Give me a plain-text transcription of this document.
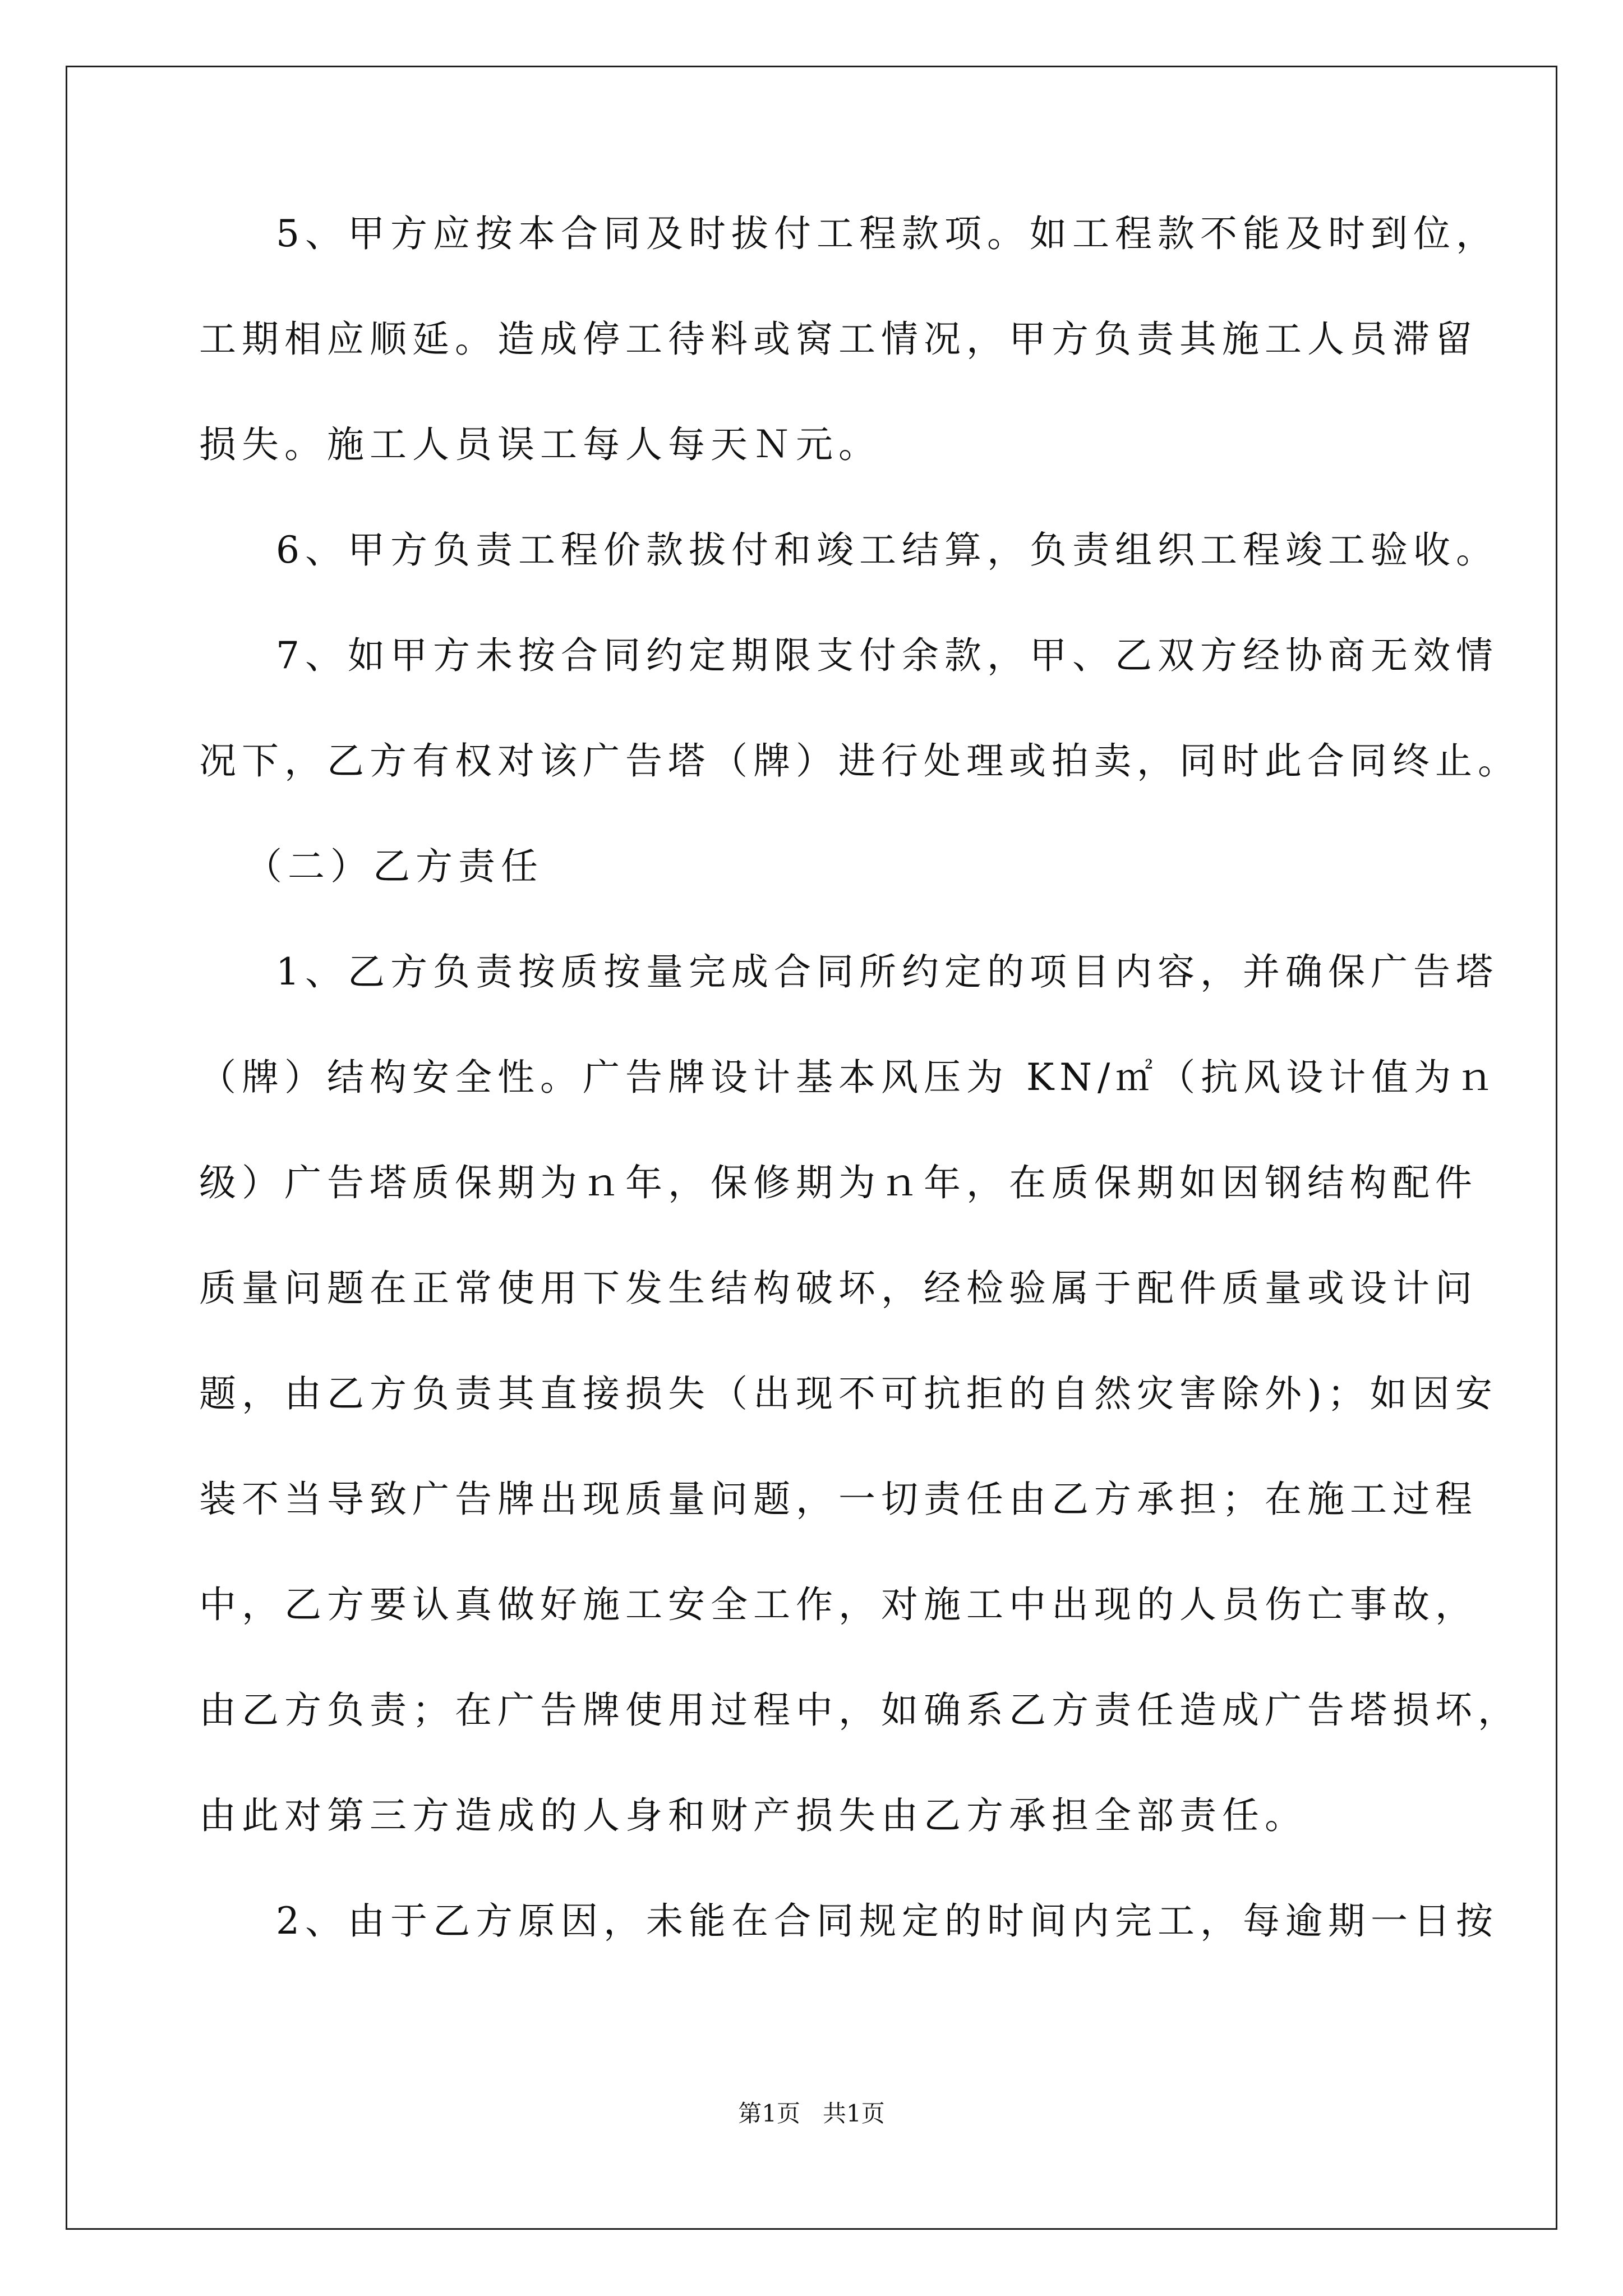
5、甲方应按本合同及时拔付工程款项。如工程款不能及时到位，
工期相应顺延。造成停工待料或窝工情况，甲方负责其施工人员滞留
损失。施工人员误工每人每天Ｎ元。
6、甲方负责工程价款拔付和竣工结算，负责组织工程竣工验收。
7、如甲方未按合同约定期限支付余款，甲、乙双方经协商无效情
况下，乙方有权对该广告塔（牌）进行处理或拍卖，同时此合同终止。
（二）乙方责任
1、乙方负责按质按量完成合同所约定的项目内容，并确保广告塔
（牌）结构安全性。广告牌设计基本风压为 KN/㎡（抗风设计值为ｎ
级）广告塔质保期为ｎ年，保修期为ｎ年，在质保期如因钢结构配件
质量问题在正常使用下发生结构破坏，经检验属于配件质量或设计问
题，由乙方负责其直接损失（出现不可抗拒的自然灾害除外)；如因安
装不当导致广告牌出现质量问题，一切责任由乙方承担；在施工过程
中，乙方要认真做好施工安全工作，对施工中出现的人员伤亡事故，
由乙方负责；在广告牌使用过程中，如确系乙方责任造成广告塔损坏，
由此对第三方造成的人身和财产损失由乙方承担全部责任。
2、由于乙方原因，未能在合同规定的时间内完工，每逾期一日按
第1页 共1页
